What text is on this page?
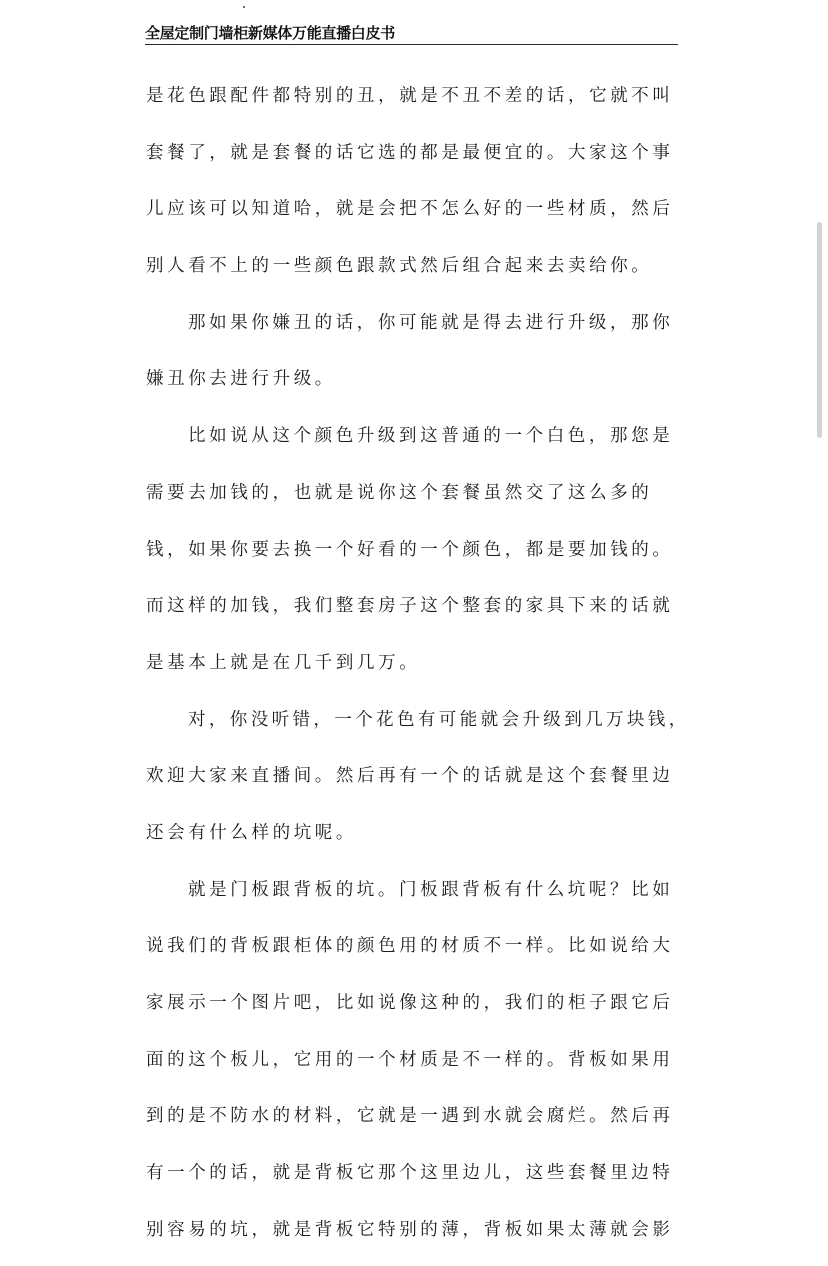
全屋定制门墙柜新媒体万能直播白皮书
是花色跟配件都特别的丑，就是不丑不差的话，它就不叫
套餐了，就是套餐的话它选的都是最便宜的。大家这个事
儿应该可以知道哈，就是会把不怎么好的一些材质，然后
别人看不上的一些颜色跟款式然后组合起来去卖给你。
那如果你嫌丑的话，你可能就是得去进行升级，那你
嫌丑你去进行升级。
比如说从这个颜色升级到这普通的一个白色，那您是
需要去加钱的，也就是说你这个套餐虽然交了这么多的
钱，如果你要去换一个好看的一个颜色，都是要加钱的。
而这样的加钱，我们整套房子这个整套的家具下来的话就
是基本上就是在几千到几万。
对，你没听错，一个花色有可能就会升级到几万块钱，
欢迎大家来直播间。然后再有一个的话就是这个套餐里边
还会有什么样的坑呢。
就是门板跟背板的坑。门板跟背板有什么坑呢？比如
说我们的背板跟柜体的颜色用的材质不一样。比如说给大
家展示一个图片吧，比如说像这种的，我们的柜子跟它后
面的这个板儿，它用的一个材质是不一样的。背板如果用
到的是不防水的材料，它就是一遇到水就会腐烂。然后再
有一个的话，就是背板它那个这里边儿，这些套餐里边特
别容易的坑，就是背板它特别的薄，背板如果太薄就会影
